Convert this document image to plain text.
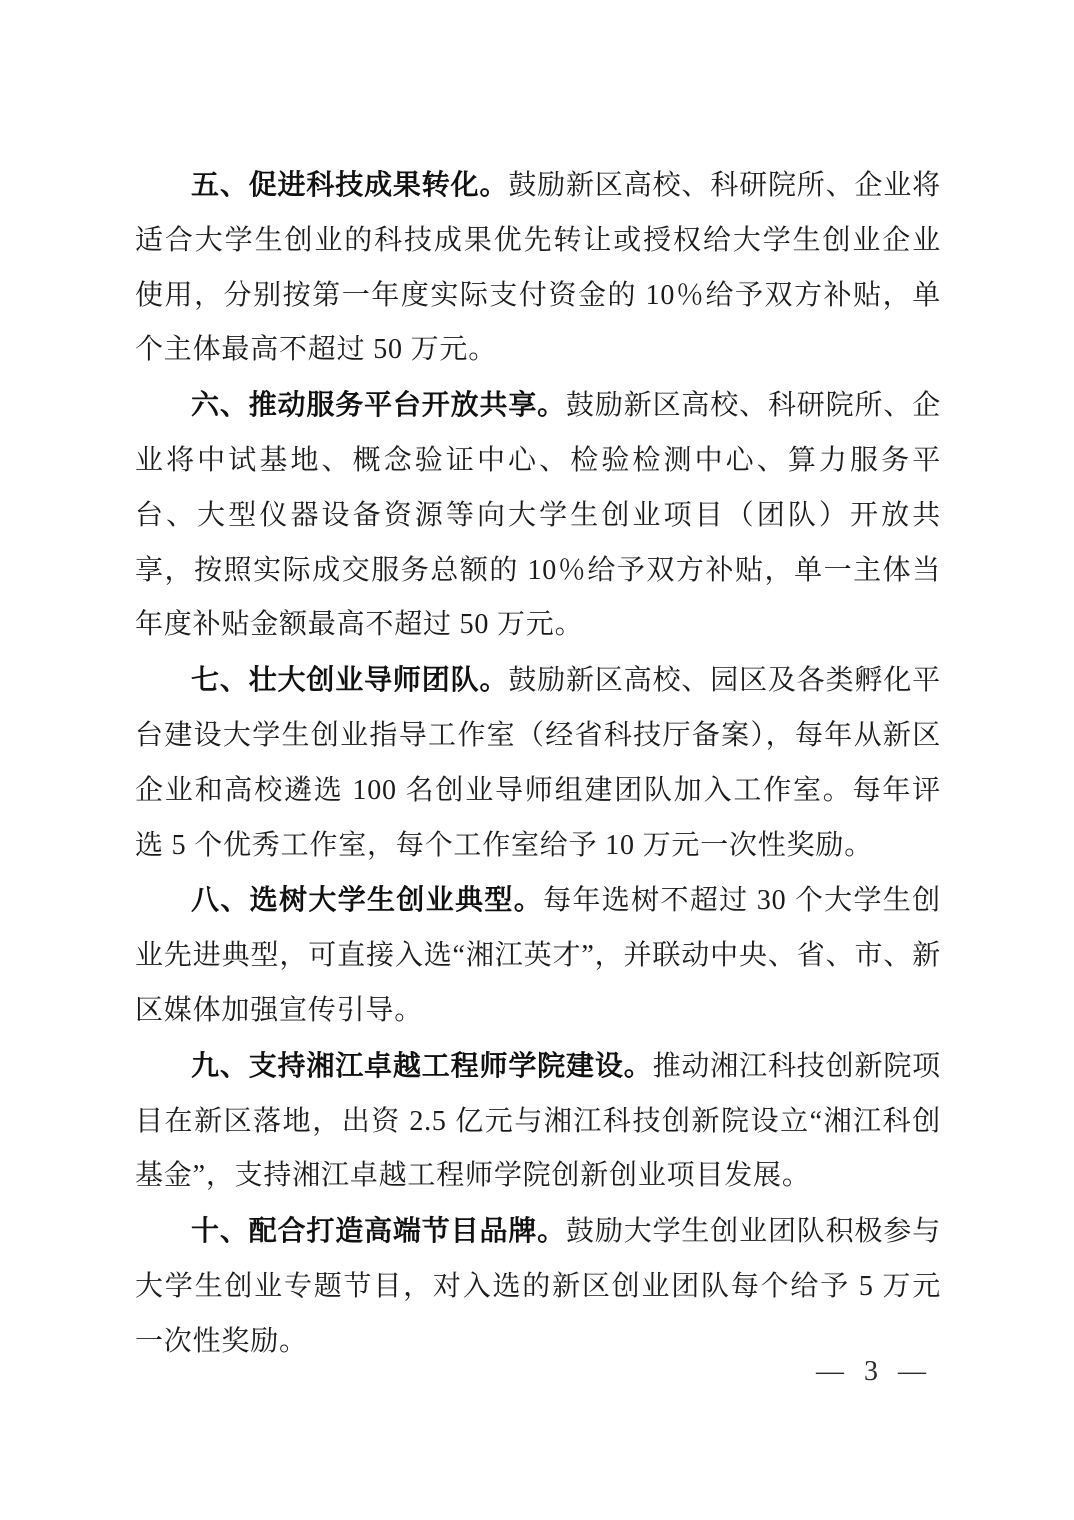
五、促进科技成果转化。鼓励新区高校、科研院所、企业将适合大学生创业的科技成果优先转让或授权给大学生创业企业使用，分别按第一年度实际支付资金的 10％给予双方补贴，单个主体最高不超过 50 万元。

六、推动服务平台开放共享。鼓励新区高校、科研院所、企业将中试基地、概念验证中心、检验检测中心、算力服务平台、大型仪器设备资源等向大学生创业项目（团队）开放共享，按照实际成交服务总额的 10％给予双方补贴，单一主体当年度补贴金额最高不超过 50 万元。

七、壮大创业导师团队。鼓励新区高校、园区及各类孵化平台建设大学生创业指导工作室（经省科技厅备案），每年从新区企业和高校遴选 100 名创业导师组建团队加入工作室。每年评选 5 个优秀工作室，每个工作室给予 10 万元一次性奖励。

八、选树大学生创业典型。每年选树不超过 30 个大学生创业先进典型，可直接入选“湘江英才”，并联动中央、省、市、新区媒体加强宣传引导。

九、支持湘江卓越工程师学院建设。推动湘江科技创新院项目在新区落地，出资 2.5 亿元与湘江科技创新院设立“湘江科创基金”，支持湘江卓越工程师学院创新创业项目发展。

十、配合打造高端节目品牌。鼓励大学生创业团队积极参与大学生创业专题节目，对入选的新区创业团队每个给予 5 万元一次性奖励。

— 3 —
